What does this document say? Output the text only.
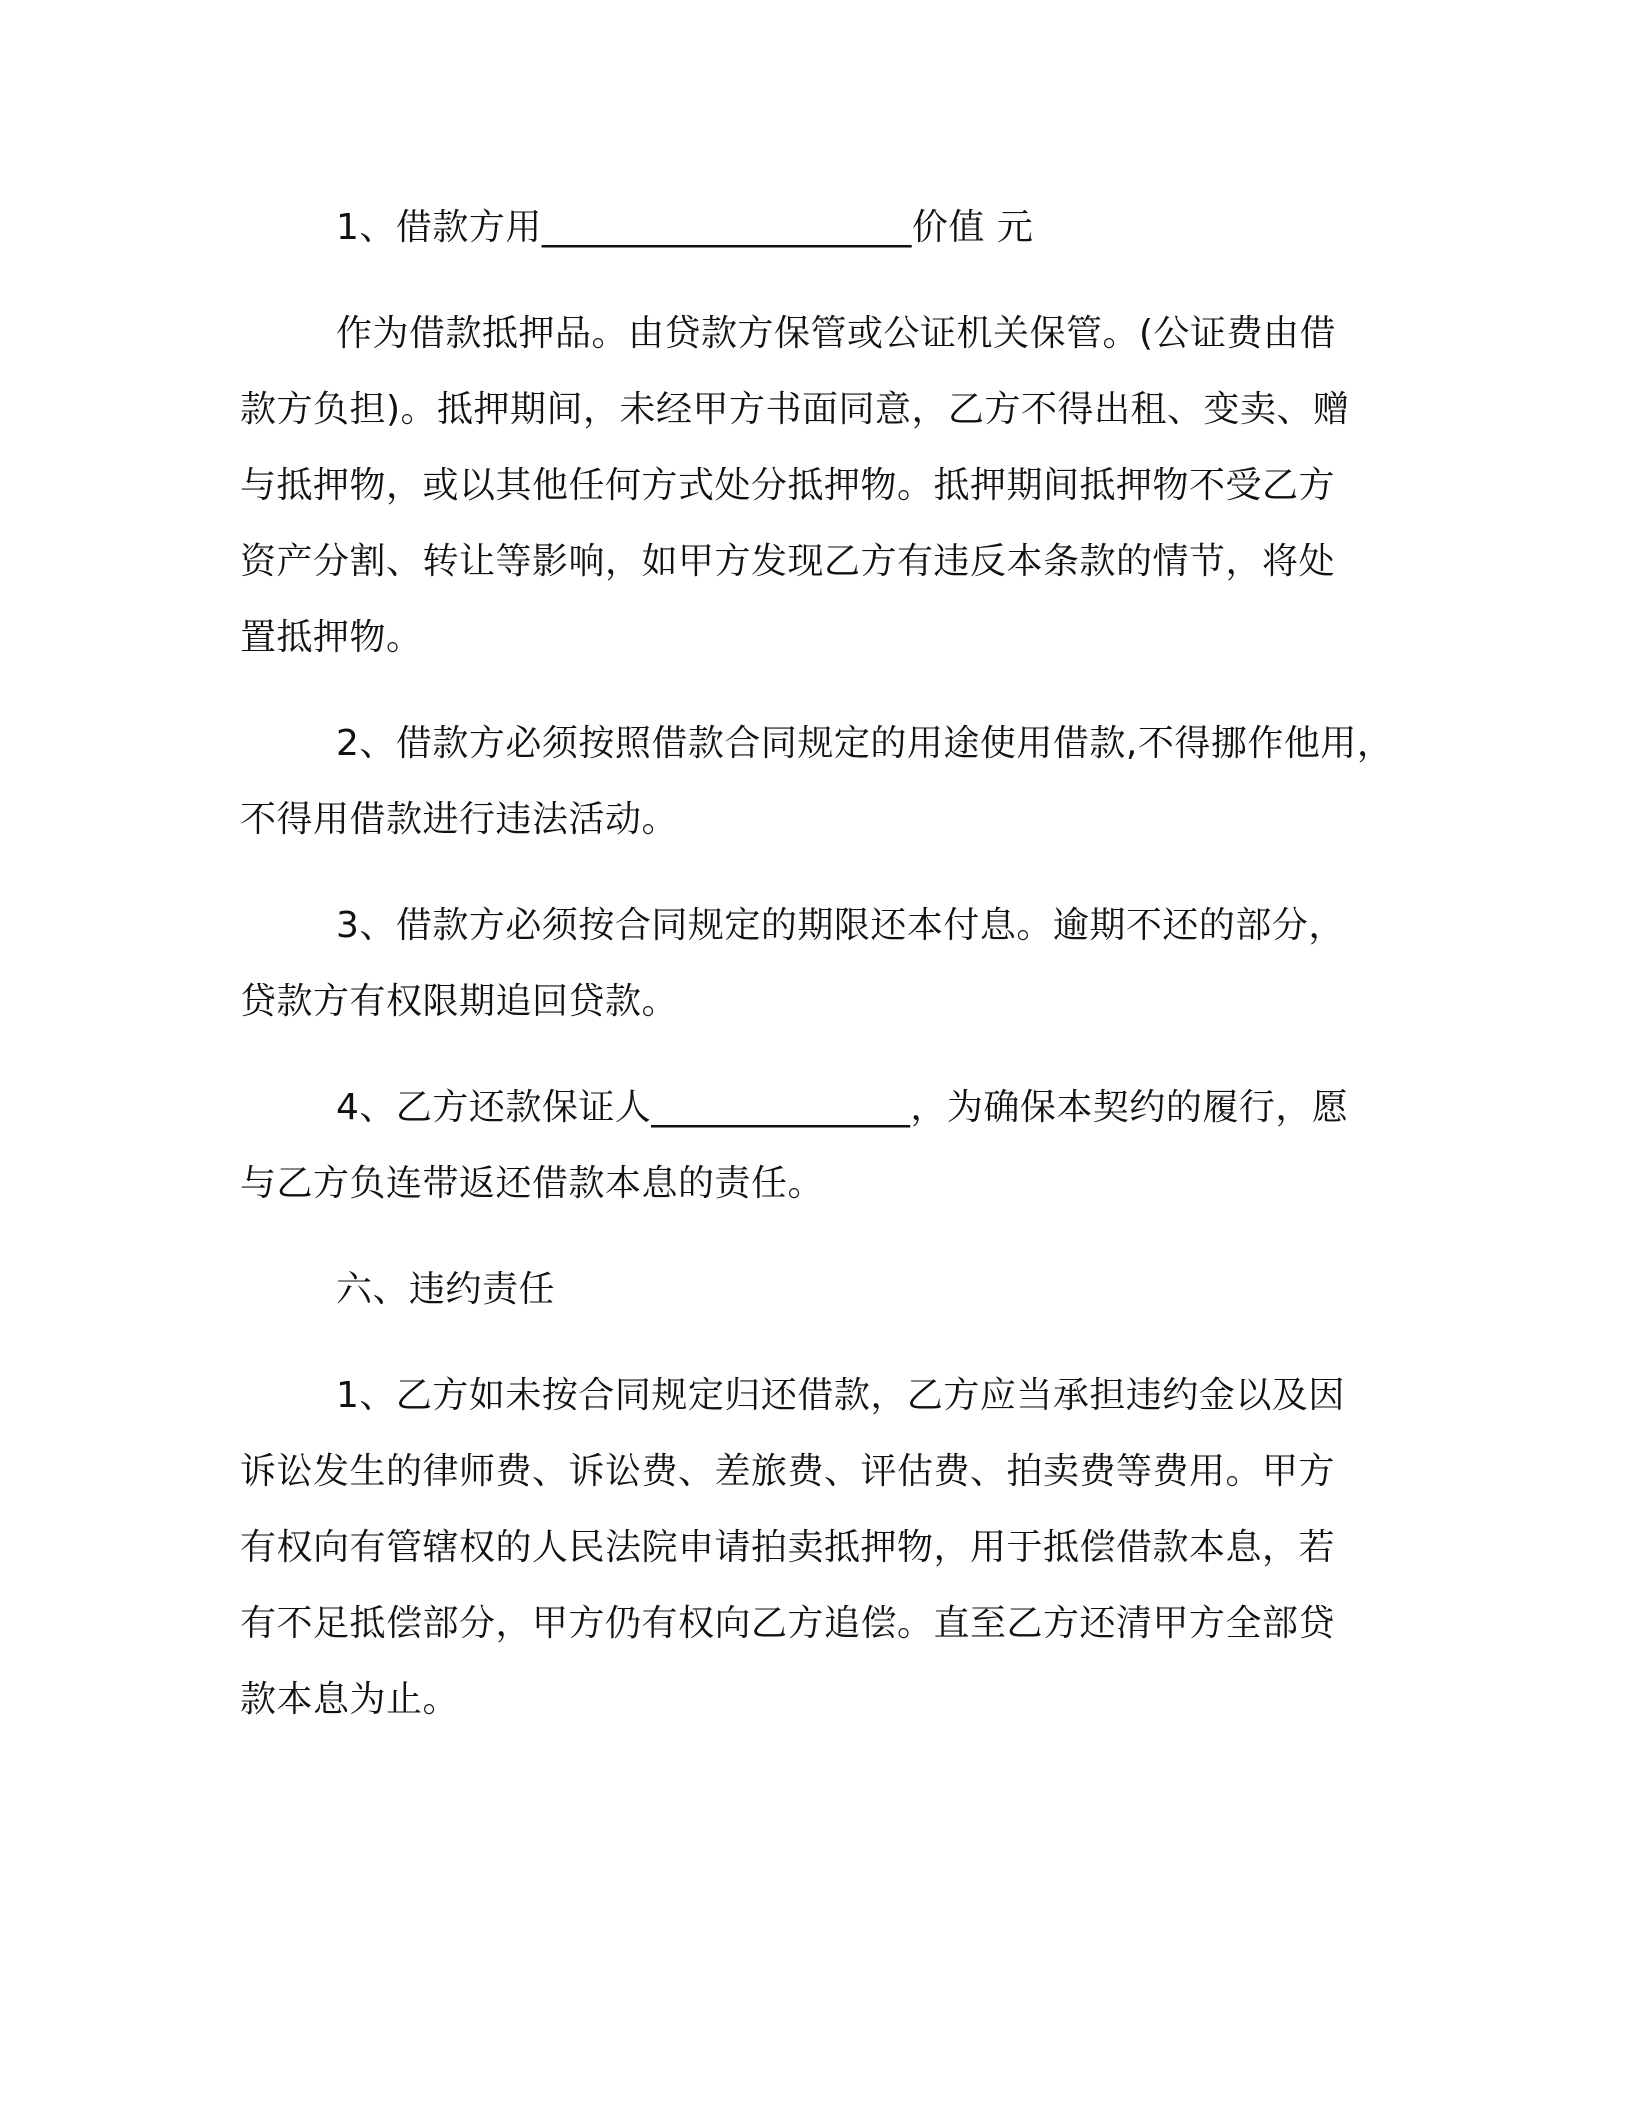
1、借款方用____________________价值 元
作为借款抵押品。由贷款方保管或公证机关保管。(公证费由借
款方负担)。抵押期间，未经甲方书面同意，乙方不得出租、变卖、赠
与抵押物，或以其他任何方式处分抵押物。抵押期间抵押物不受乙方
资产分割、转让等影响，如甲方发现乙方有违反本条款的情节，将处
置抵押物。
2、借款方必须按照借款合同规定的用途使用借款,不得挪作他用，
不得用借款进行违法活动。
3、借款方必须按合同规定的期限还本付息。逾期不还的部分，
贷款方有权限期追回贷款。
4、乙方还款保证人______________，为确保本契约的履行，愿
与乙方负连带返还借款本息的责任。
六、违约责任
1、乙方如未按合同规定归还借款，乙方应当承担违约金以及因
诉讼发生的律师费、诉讼费、差旅费、评估费、拍卖费等费用。甲方
有权向有管辖权的人民法院申请拍卖抵押物，用于抵偿借款本息，若
有不足抵偿部分，甲方仍有权向乙方追偿。直至乙方还清甲方全部贷
款本息为止。
